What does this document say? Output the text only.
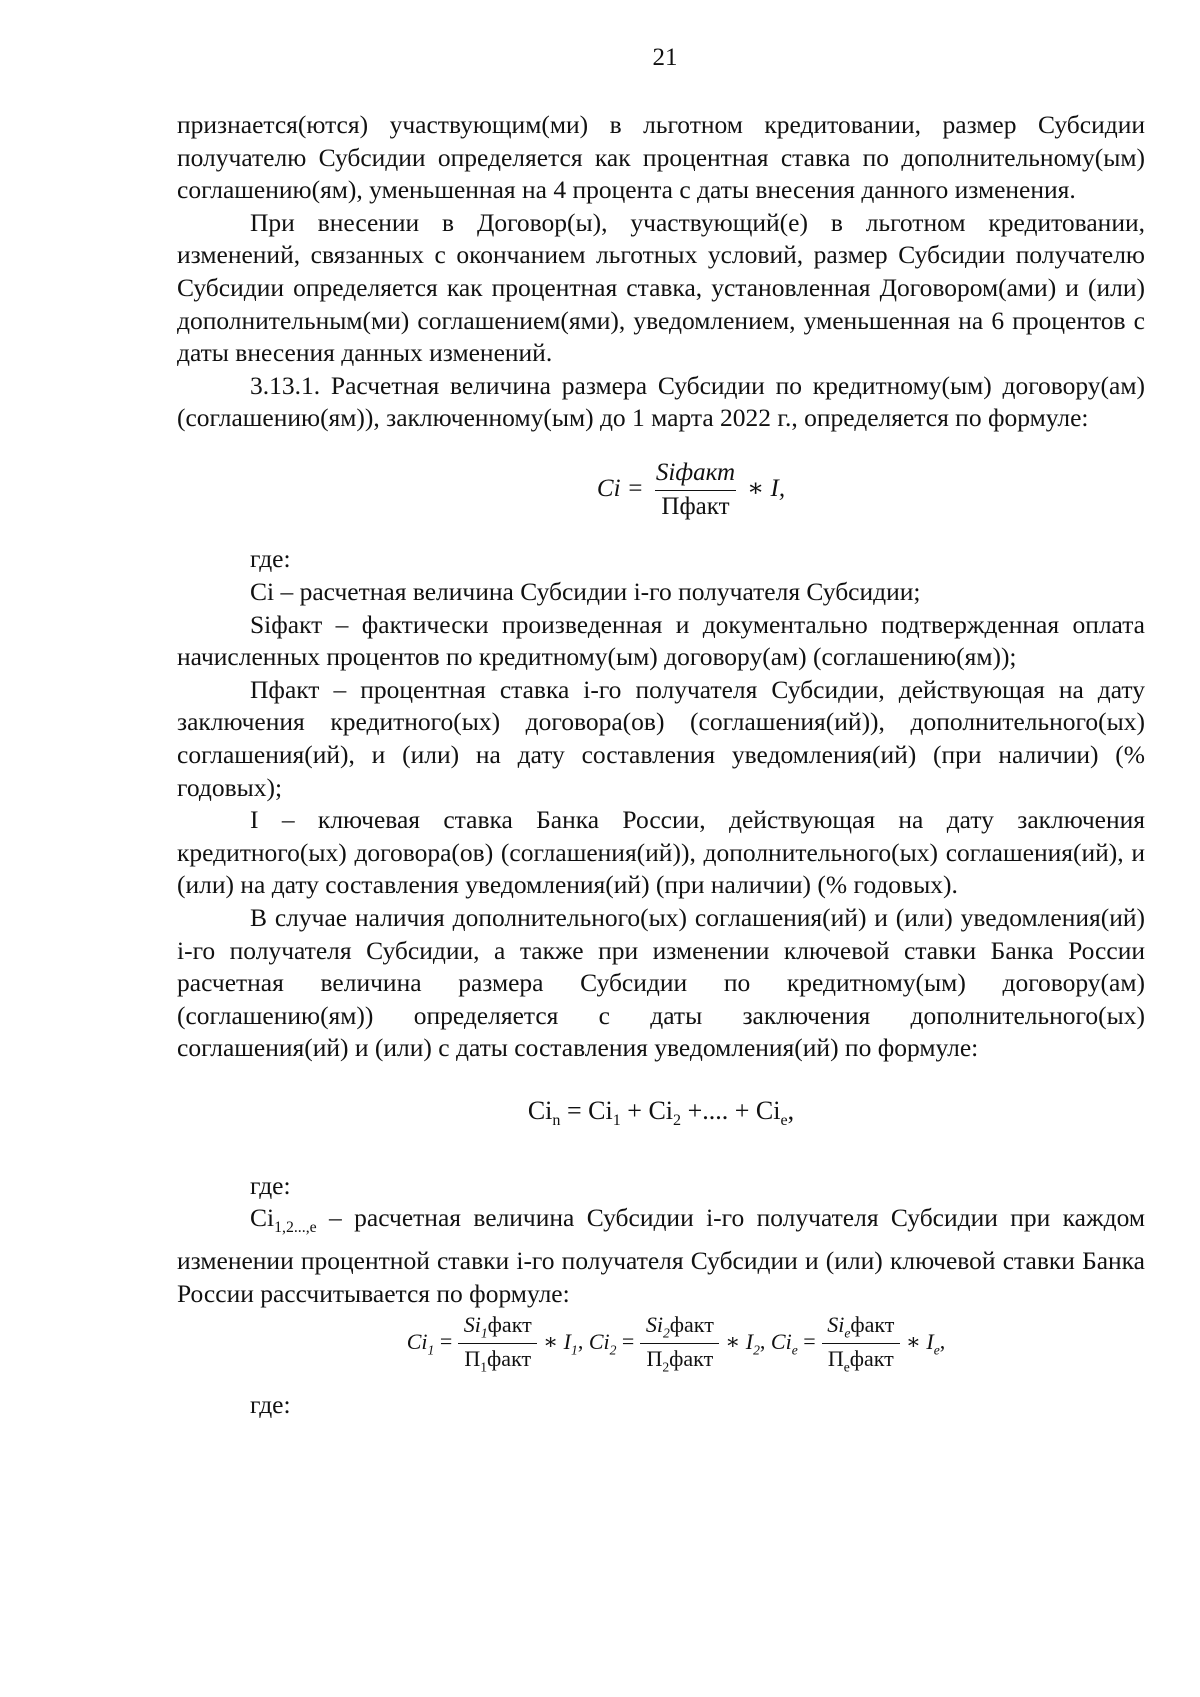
21

признается(ются) участвующим(ми) в льготном кредитовании, размер Субсидии получателю Субсидии определяется как процентная ставка по дополнительному(ым) соглашению(ям), уменьшенная на 4 процента с даты внесения данного изменения.

При внесении в Договор(ы), участвующий(е) в льготном кредитовании, изменений, связанных с окончанием льготных условий, размер Субсидии получателю Субсидии определяется как процентная ставка, установленная Договором(ами) и (или) дополнительным(ми) соглашением(ями), уведомлением, уменьшенная на 6 процентов с даты внесения данных изменений.

3.13.1. Расчетная величина размера Субсидии по кредитному(ым) договору(ам) (соглашению(ям)), заключенному(ым) до 1 марта 2022 г., определяется по формуле:

$Ci = \frac{\text{Siфакт}}{\text{Пфакт}}$ ∗ I,

где:

Ci – расчетная величина Субсидии i-го получателя Субсидии;

Siфакт – фактически произведенная и документально подтвержденная оплата начисленных процентов по кредитному(ым) договору(ам) (соглашению(ям));

Пфакт – процентная ставка i-го получателя Субсидии, действующая на дату заключения кредитного(ых) договора(ов) (соглашения(ий)), дополнительного(ых) соглашения(ий), и (или) на дату составления уведомления(ий) (при наличии) (% годовых);

I – ключевая ставка Банка России, действующая на дату заключения кредитного(ых) договора(ов) (соглашения(ий)), дополнительного(ых) соглашения(ий), и (или) на дату составления уведомления(ий) (при наличии) (% годовых).

В случае наличия дополнительного(ых) соглашения(ий) и (или) уведомления(ий) i-го получателя Субсидии, а также при изменении ключевой ставки Банка России расчетная величина размера Субсидии по кредитному(ым) договору(ам) (соглашению(ям)) определяется с даты заключения дополнительного(ых) соглашения(ий) и (или) с даты составления уведомления(ий) по формуле:

$Ci_n = Ci_1 + Ci_2$ +.... + $Ci_e$,

где:

$Ci_{1,2...,e}$ – расчетная величина Субсидии i-го получателя Субсидии при каждом изменении процентной ставки i-го получателя Субсидии и (или) ключевой ставки Банка России рассчитывается по формуле:

$Ci_1 = \frac{Si_1факт}{П_1факт}$ ∗ $I_1$, $Ci_2 = \frac{Si_2факт}{П_2факт}$ ∗ $I_2$, $Ci_e = \frac{Si_eфакт}{П_eфакт}$ ∗ $I_e$,

где:
